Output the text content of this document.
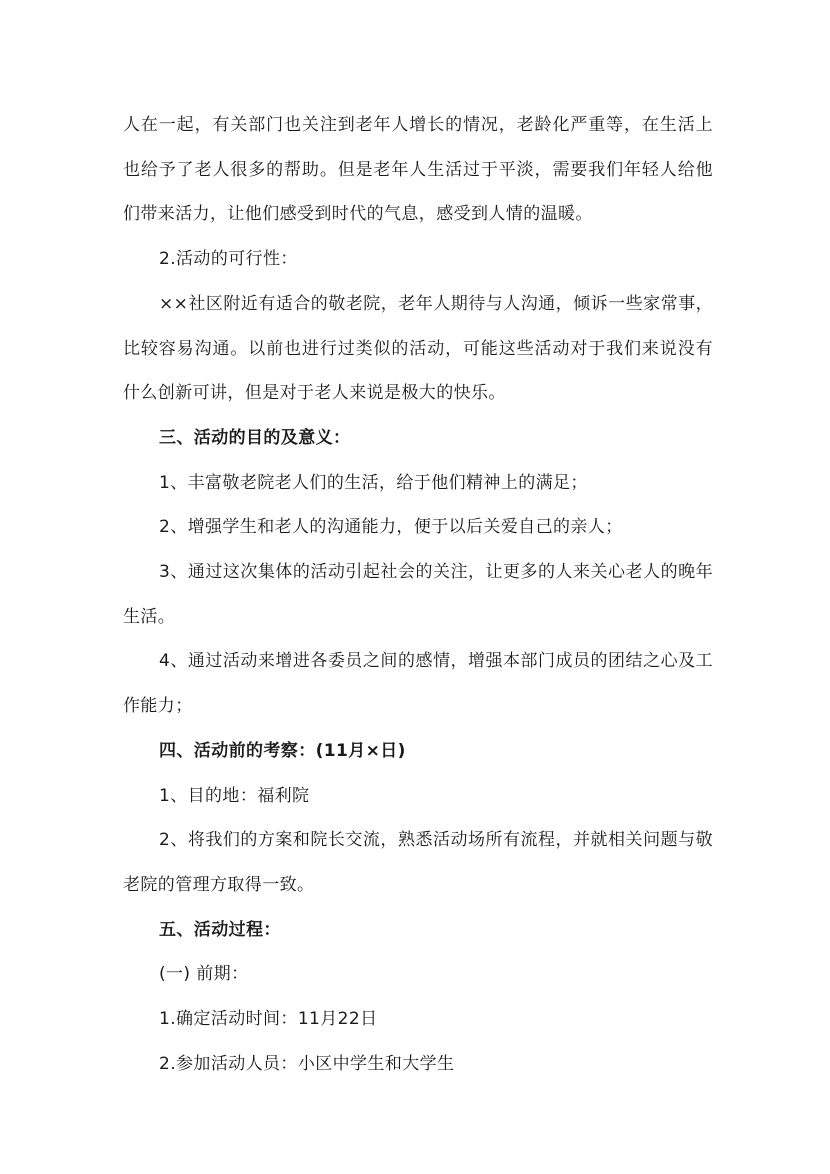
人在一起，有关部门也关注到老年人增长的情况，老龄化严重等，在生活上也给予了老人很多的帮助。但是老年人生活过于平淡，需要我们年轻人给他们带来活力，让他们感受到时代的气息，感受到人情的温暖。

2.活动的可行性：

××社区附近有适合的敬老院，老年人期待与人沟通，倾诉一些家常事，比较容易沟通。以前也进行过类似的活动，可能这些活动对于我们来说没有什么创新可讲，但是对于老人来说是极大的快乐。

三、活动的目的及意义：

1、丰富敬老院老人们的生活，给于他们精神上的满足；

2、增强学生和老人的沟通能力，便于以后关爱自己的亲人；

3、通过这次集体的活动引起社会的关注，让更多的人来关心老人的晚年生活。

4、通过活动来增进各委员之间的感情，增强本部门成员的团结之心及工作能力；

四、活动前的考察：(11月×日)

1、目的地：福利院

2、将我们的方案和院长交流，熟悉活动场所有流程，并就相关问题与敬老院的管理方取得一致。

五、活动过程：

(一) 前期：

1.确定活动时间：11月22日

2.参加活动人员：小区中学生和大学生
